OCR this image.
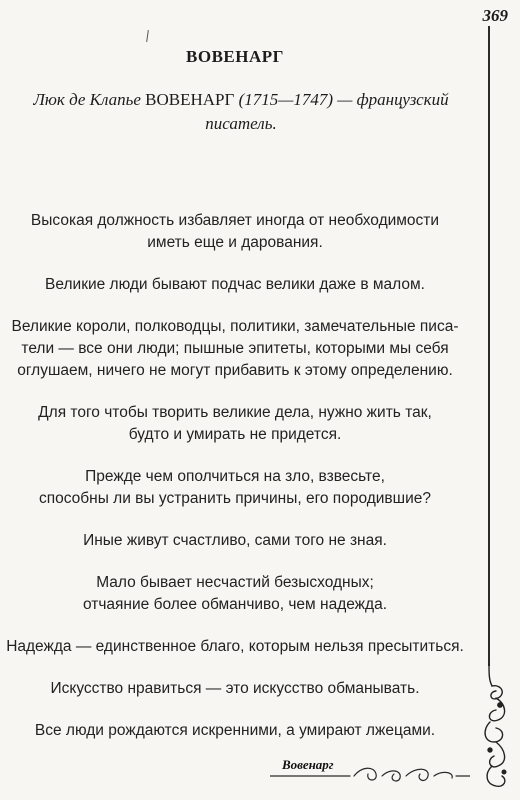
369
ВОВЕНАРГ
Люк де Клапье ВОВЕНАРГ (1715—1747) — французский писатель.

Высокая должность избавляет иногда от необходимости
иметь еще и дарования.

Великие люди бывают подчас велики даже в малом.

Великие короли, полководцы, политики, замечательные писа-
тели — все они люди; пышные эпитеты, которыми мы себя
оглушаем, ничего не могут прибавить к этому определению.

Для того чтобы творить великие дела, нужно жить так,
будто и умирать не придется.

Прежде чем ополчиться на зло, взвесьте,
способны ли вы устранить причины, его породившие?

Иные живут счастливо, сами того не зная.

Мало бывает несчастий безысходных;
отчаяние более обманчиво, чем надежда.

Надежда — единственное благо, которым нельзя пресытиться.

Искусство нравиться — это искусство обманывать.

Все люди рождаются искренними, а умирают лжецами.

Вовенарг
